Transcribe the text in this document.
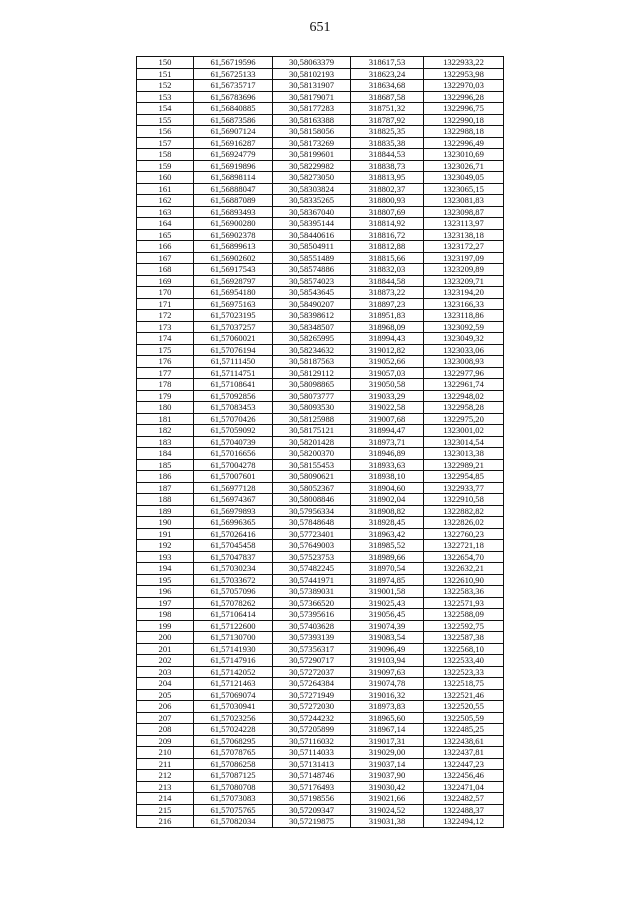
651
150	61,56719596	30,58063379	318617,53	1322933,22
151	61,56725133	30,58102193	318623,24	1322953,98
152	61,56735717	30,58131907	318634,68	1322970,03
153	61,56783696	30,58179071	318687,58	1322996,28
154	61,56840885	30,58177283	318751,32	1322996,75
155	61,56873586	30,58163388	318787,92	1322990,18
156	61,56907124	30,58158056	318825,35	1322988,18
157	61,56916287	30,58173269	318835,38	1322996,49
158	61,56924779	30,58199601	318844,53	1323010,69
159	61,56919896	30,58229982	318838,73	1323026,71
160	61,56898114	30,58273050	318813,95	1323049,05
161	61,56888047	30,58303824	318802,37	1323065,15
162	61,56887089	30,58335265	318800,93	1323081,83
163	61,56893493	30,58367040	318807,69	1323098,87
164	61,56900280	30,58395144	318814,92	1323113,97
165	61,56902378	30,58440616	318816,72	1323138,18
166	61,56899613	30,58504911	318812,88	1323172,27
167	61,56902602	30,58551489	318815,66	1323197,09
168	61,56917543	30,58574886	318832,03	1323209,89
169	61,56928797	30,58574023	318844,58	1323209,71
170	61,56954180	30,58543645	318873,22	1323194,20
171	61,56975163	30,58490207	318897,23	1323166,33
172	61,57023195	30,58398612	318951,83	1323118,86
173	61,57037257	30,58348507	318968,09	1323092,59
174	61,57060021	30,58265995	318994,43	1323049,32
175	61,57076194	30,58234632	319012,82	1323033,06
176	61,57111450	30,58187563	319052,66	1323008,93
177	61,57114751	30,58129112	319057,03	1322977,96
178	61,57108641	30,58098865	319050,58	1322961,74
179	61,57092856	30,58073777	319033,29	1322948,02
180	61,57083453	30,58093530	319022,58	1322958,28
181	61,57070426	30,58125988	319007,68	1322975,20
182	61,57059092	30,58175121	318994,47	1323001,02
183	61,57040739	30,58201428	318973,71	1323014,54
184	61,57016656	30,58200370	318946,89	1323013,38
185	61,57004278	30,58155453	318933,63	1322989,21
186	61,57007601	30,58090621	318938,10	1322954,85
187	61,56977128	30,58052367	318904,60	1322933,77
188	61,56974367	30,58008846	318902,04	1322910,58
189	61,56979893	30,57956334	318908,82	1322882,82
190	61,56996365	30,57848648	318928,45	1322826,02
191	61,57026416	30,57723401	318963,42	1322760,23
192	61,57045458	30,57649003	318985,52	1322721,18
193	61,57047837	30,57523753	318989,66	1322654,70
194	61,57030234	30,57482245	318970,54	1322632,21
195	61,57033672	30,57441971	318974,85	1322610,90
196	61,57057096	30,57389031	319001,58	1322583,36
197	61,57078262	30,57366520	319025,43	1322571,93
198	61,57106414	30,57395616	319056,45	1322588,09
199	61,57122600	30,57403628	319074,39	1322592,75
200	61,57130700	30,57393139	319083,54	1322587,38
201	61,57141930	30,57356317	319096,49	1322568,10
202	61,57147916	30,57290717	319103,94	1322533,40
203	61,57142052	30,57272037	319097,63	1322523,33
204	61,57121463	30,57264384	319074,78	1322518,75
205	61,57069074	30,57271949	319016,32	1322521,46
206	61,57030941	30,57272030	318973,83	1322520,55
207	61,57023256	30,57244232	318965,60	1322505,59
208	61,57024228	30,57205899	318967,14	1322485,25
209	61,57068295	30,57116032	319017,31	1322438,61
210	61,57078765	30,57114033	319029,00	1322437,81
211	61,57086258	30,57131413	319037,14	1322447,23
212	61,57087125	30,57148746	319037,90	1322456,46
213	61,57080708	30,57176493	319030,42	1322471,04
214	61,57073083	30,57198556	319021,66	1322482,57
215	61,57075765	30,57209347	319024,52	1322488,37
216	61,57082034	30,57219875	319031,38	1322494,12
